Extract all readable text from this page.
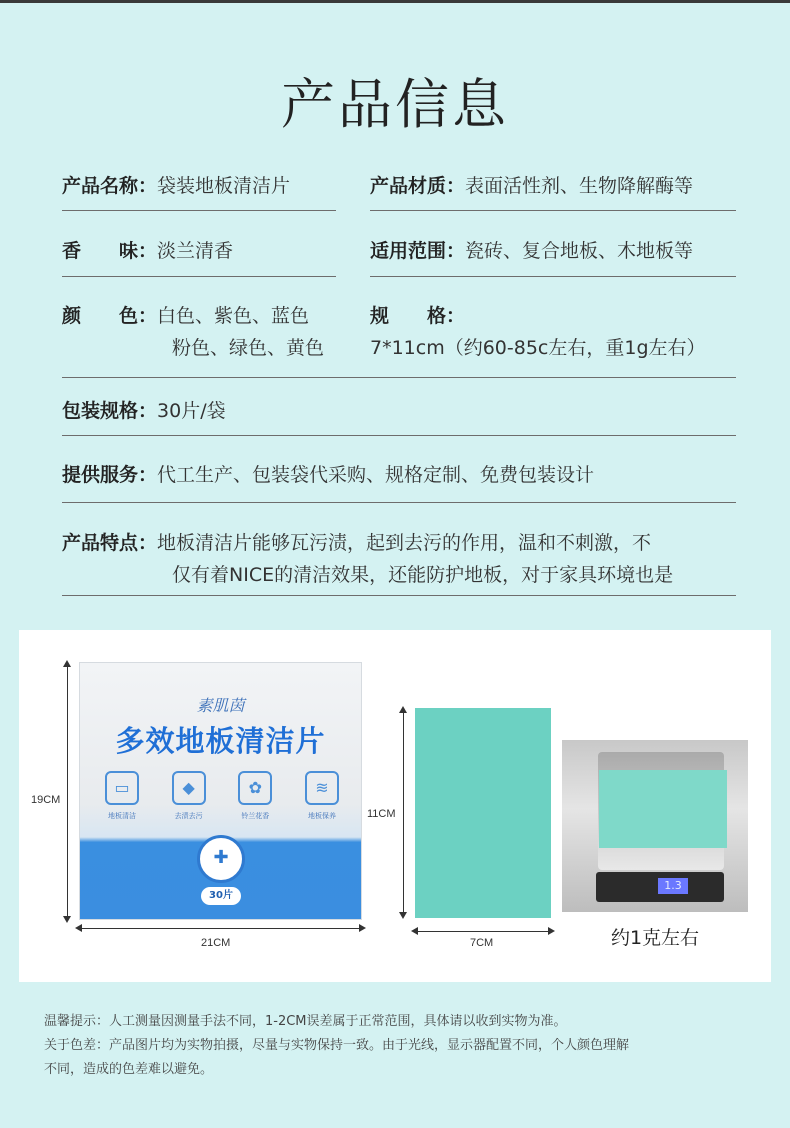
产品信息
产品名称：袋装地板清洁片	产品材质：表面活性剂、生物降解酶等
香　　味：淡兰清香	适用范围：瓷砖、复合地板、木地板等
颜　　色：白色、紫色、蓝色
粉色、绿色、黄色
规　　格：
7*11cm（约60-85c左右，重1g左右）
包装规格：30片/袋
提供服务：代工生产、包装袋代采购、规格定制、免费包装设计
产品特点：地板清洁片能够瓦污渍，起到去污的作用，温和不刺激，不
仅有着NICE的清洁效果，还能防护地板，对于家具环境也是
19CM
素肌茵
多效地板清洁片
▭
地板清洁
◆
去渍去污
✿
铃兰花香
≋
地板保养
✚
30片
21CM
11CM
7CM
1.3
约1克左右
温馨提示：人工测量因测量手法不同，1-2CM误差属于正常范围，具体请以收到实物为准。
关于色差：产品图片均为实物拍摄，尽量与实物保持一致。由于光线，显示器配置不同，个人颜色理解
不同，造成的色差难以避免。
